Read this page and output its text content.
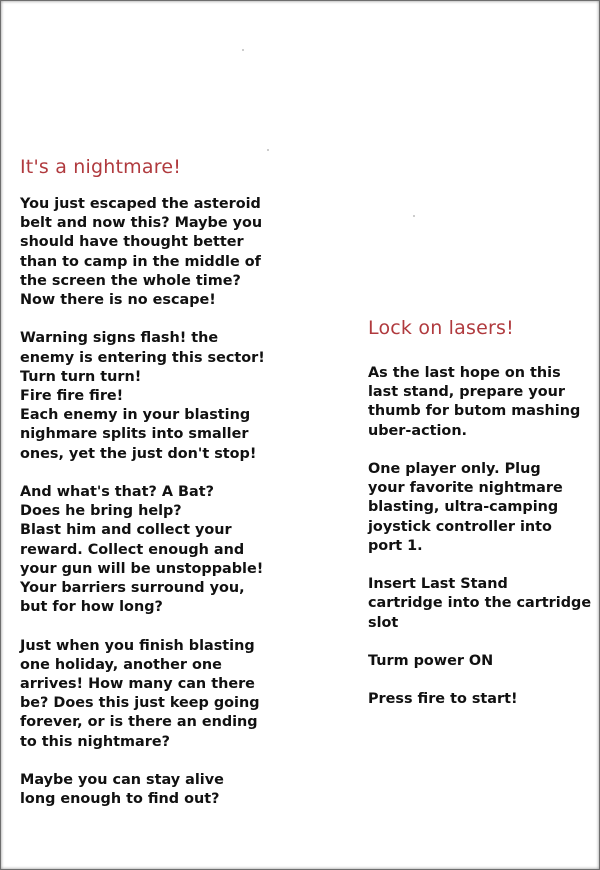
It's a nightmare!

You just escaped the asteroid
belt and now this? Maybe you
should have thought better
than to camp in the middle of
the screen the whole time?
Now there is no escape!

Warning signs flash! the
enemy is entering this sector!
Turn turn turn!
Fire fire fire!
Each enemy in your blasting
nighmare splits into smaller
ones, yet the just don't stop!

And what's that? A Bat?
Does he bring help?
Blast him and collect your
reward. Collect enough and
your gun will be unstoppable!
Your barriers surround you,
but for how long?

Just when you finish blasting
one holiday, another one
arrives! How many can there
be? Does this just keep going
forever, or is there an ending
to this nightmare?

Maybe you can stay alive
long enough to find out?

Lock on lasers!

As the last hope on this
last stand, prepare your
thumb for butom mashing
uber-action.

One player only. Plug
your favorite nightmare
blasting, ultra-camping
joystick controller into
port 1.

Insert Last Stand
cartridge into the cartridge
slot

Turm power ON

Press fire to start!
